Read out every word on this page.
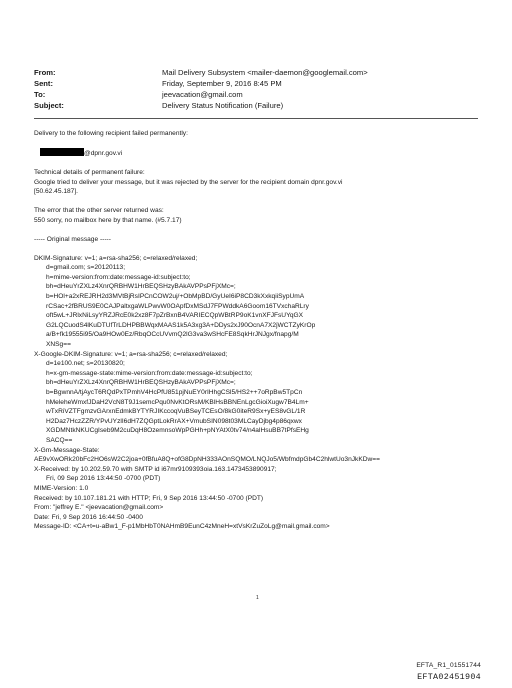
From:	Mail Delivery Subsystem <mailer-daemon@googlemail.com>
Sent:	Friday, September 9, 2016 8:45 PM
To:	jeevacation@gmail.com
Subject:	Delivery Status Notification (Failure)

Delivery to the following recipient failed permanently:

@dpnr.gov.vi

Technical details of permanent failure:

Google tried to deliver your message, but it was rejected by the server for the recipient domain dpnr.gov.vi

[50.62.45.187].

The error that the other server returned was:

550 sorry, no mailbox here by that name. (#5.7.17)

----- Original message -----

DKIM-Signature: v=1; a=rsa-sha256; c=relaxed/relaxed;

d=gmail.com; s=20120113;

h=mime-version:from:date:message-id:subject:to;

bh=dHeuYrZXLz4XnrQRBHW1HrBEQSHzyBAkAVPPsPFjXMc=;

b=HOl+a2xREJRH2d3MVtBjRsIPCnCOW2uj/+ObMpBD/GyUeI6iP8CD3kXxkqiiSypUmA

rCSac+2fBRUS9E0CAJPaltxgaWLPwvW0OApfDxMSdJ7FPWddkA6Goom16TVxchaRLry

oft5wL+JRlxNiLsyYRZJRcE0k2xz8F7pZrBxnB4VARIECQpWBtRP9oK1vnXFJFsUYqGX

G2LQCuodS4lKuDTUfTrLDHPBBWqxMAAS1k5A3xg3A+DDys2xJ90OcnA7X2jWCTZyKrOp

a/B+fk19555i95/Oa9HOw0Ez/RbqOCcUVvmQ2lG3va3wSHcFE8SqkHrJNJgx/fnapg/M

XNSg==

X-Google-DKIM-Signature: v=1; a=rsa-sha256; c=relaxed/relaxed;

d=1e100.net; s=20130820;

h=x-gm-message-state:mime-version:from:date:message-id:subject:to;

bh=dHeuYrZXLz4XnrQRBHW1HrBEQSHzyBAkAVPPsPFjXMc=;

b=BgwnnA/tjAycT6RQdPxTPmhV4HcPfU851pjNuEY0rIHhgCSl5/HS2++7oRpBw5TpCn

hMeleheWmxfJDaH2VcN8T9J1semcPqu0NvKtORsM/KBlHsBBNEnLgcGioiXugw7B4Lm+

wTxRiVZTFgmzvGArxnEdmkBYTYRJIKccoqVuBSeyTCEsO/8kG0iteR9Sx+yES8vGL/1R

H2Daz7HczZZR/YPvUYzlI6dH7ZQGptLokRrAX+VmubSIN098t03MLCayDjbg4p86qxwx

XGDMNtkNKUCgIseb9M2cuDqH8OzemnsoWpPGHh+pNYAtX0tv74/n4alHsuBB7tPfsEHg

SACQ==

X-Gm-Message-State:

AE9vXwORk20bFc2HO6sW2C2joa+0fBfuA8Q+ofG8DpNH333AOnSQMO/LNQJo5/WbfmdpGb4C2hlwtUo3nJkKDw==

X-Received: by 10.202.59.70 with SMTP id i67mr9109393oia.163.1473453890917;

Fri, 09 Sep 2016 13:44:50 -0700 (PDT)

MIME-Version: 1.0

Received: by 10.107.181.21 with HTTP; Fri, 9 Sep 2016 13:44:50 -0700 (PDT)

From: "jeffrey E." <jeevacation@gmail.com>

Date: Fri, 9 Sep 2016 16:44:50 -0400

Message-ID: <CA+t=u-aBw1_F-p1MbHbT0NAHmB9EunC4zMneH=xtVsKrZuZoLg@mail.gmail.com>

1
EFTA_R1_01551744
EFTA02451904
